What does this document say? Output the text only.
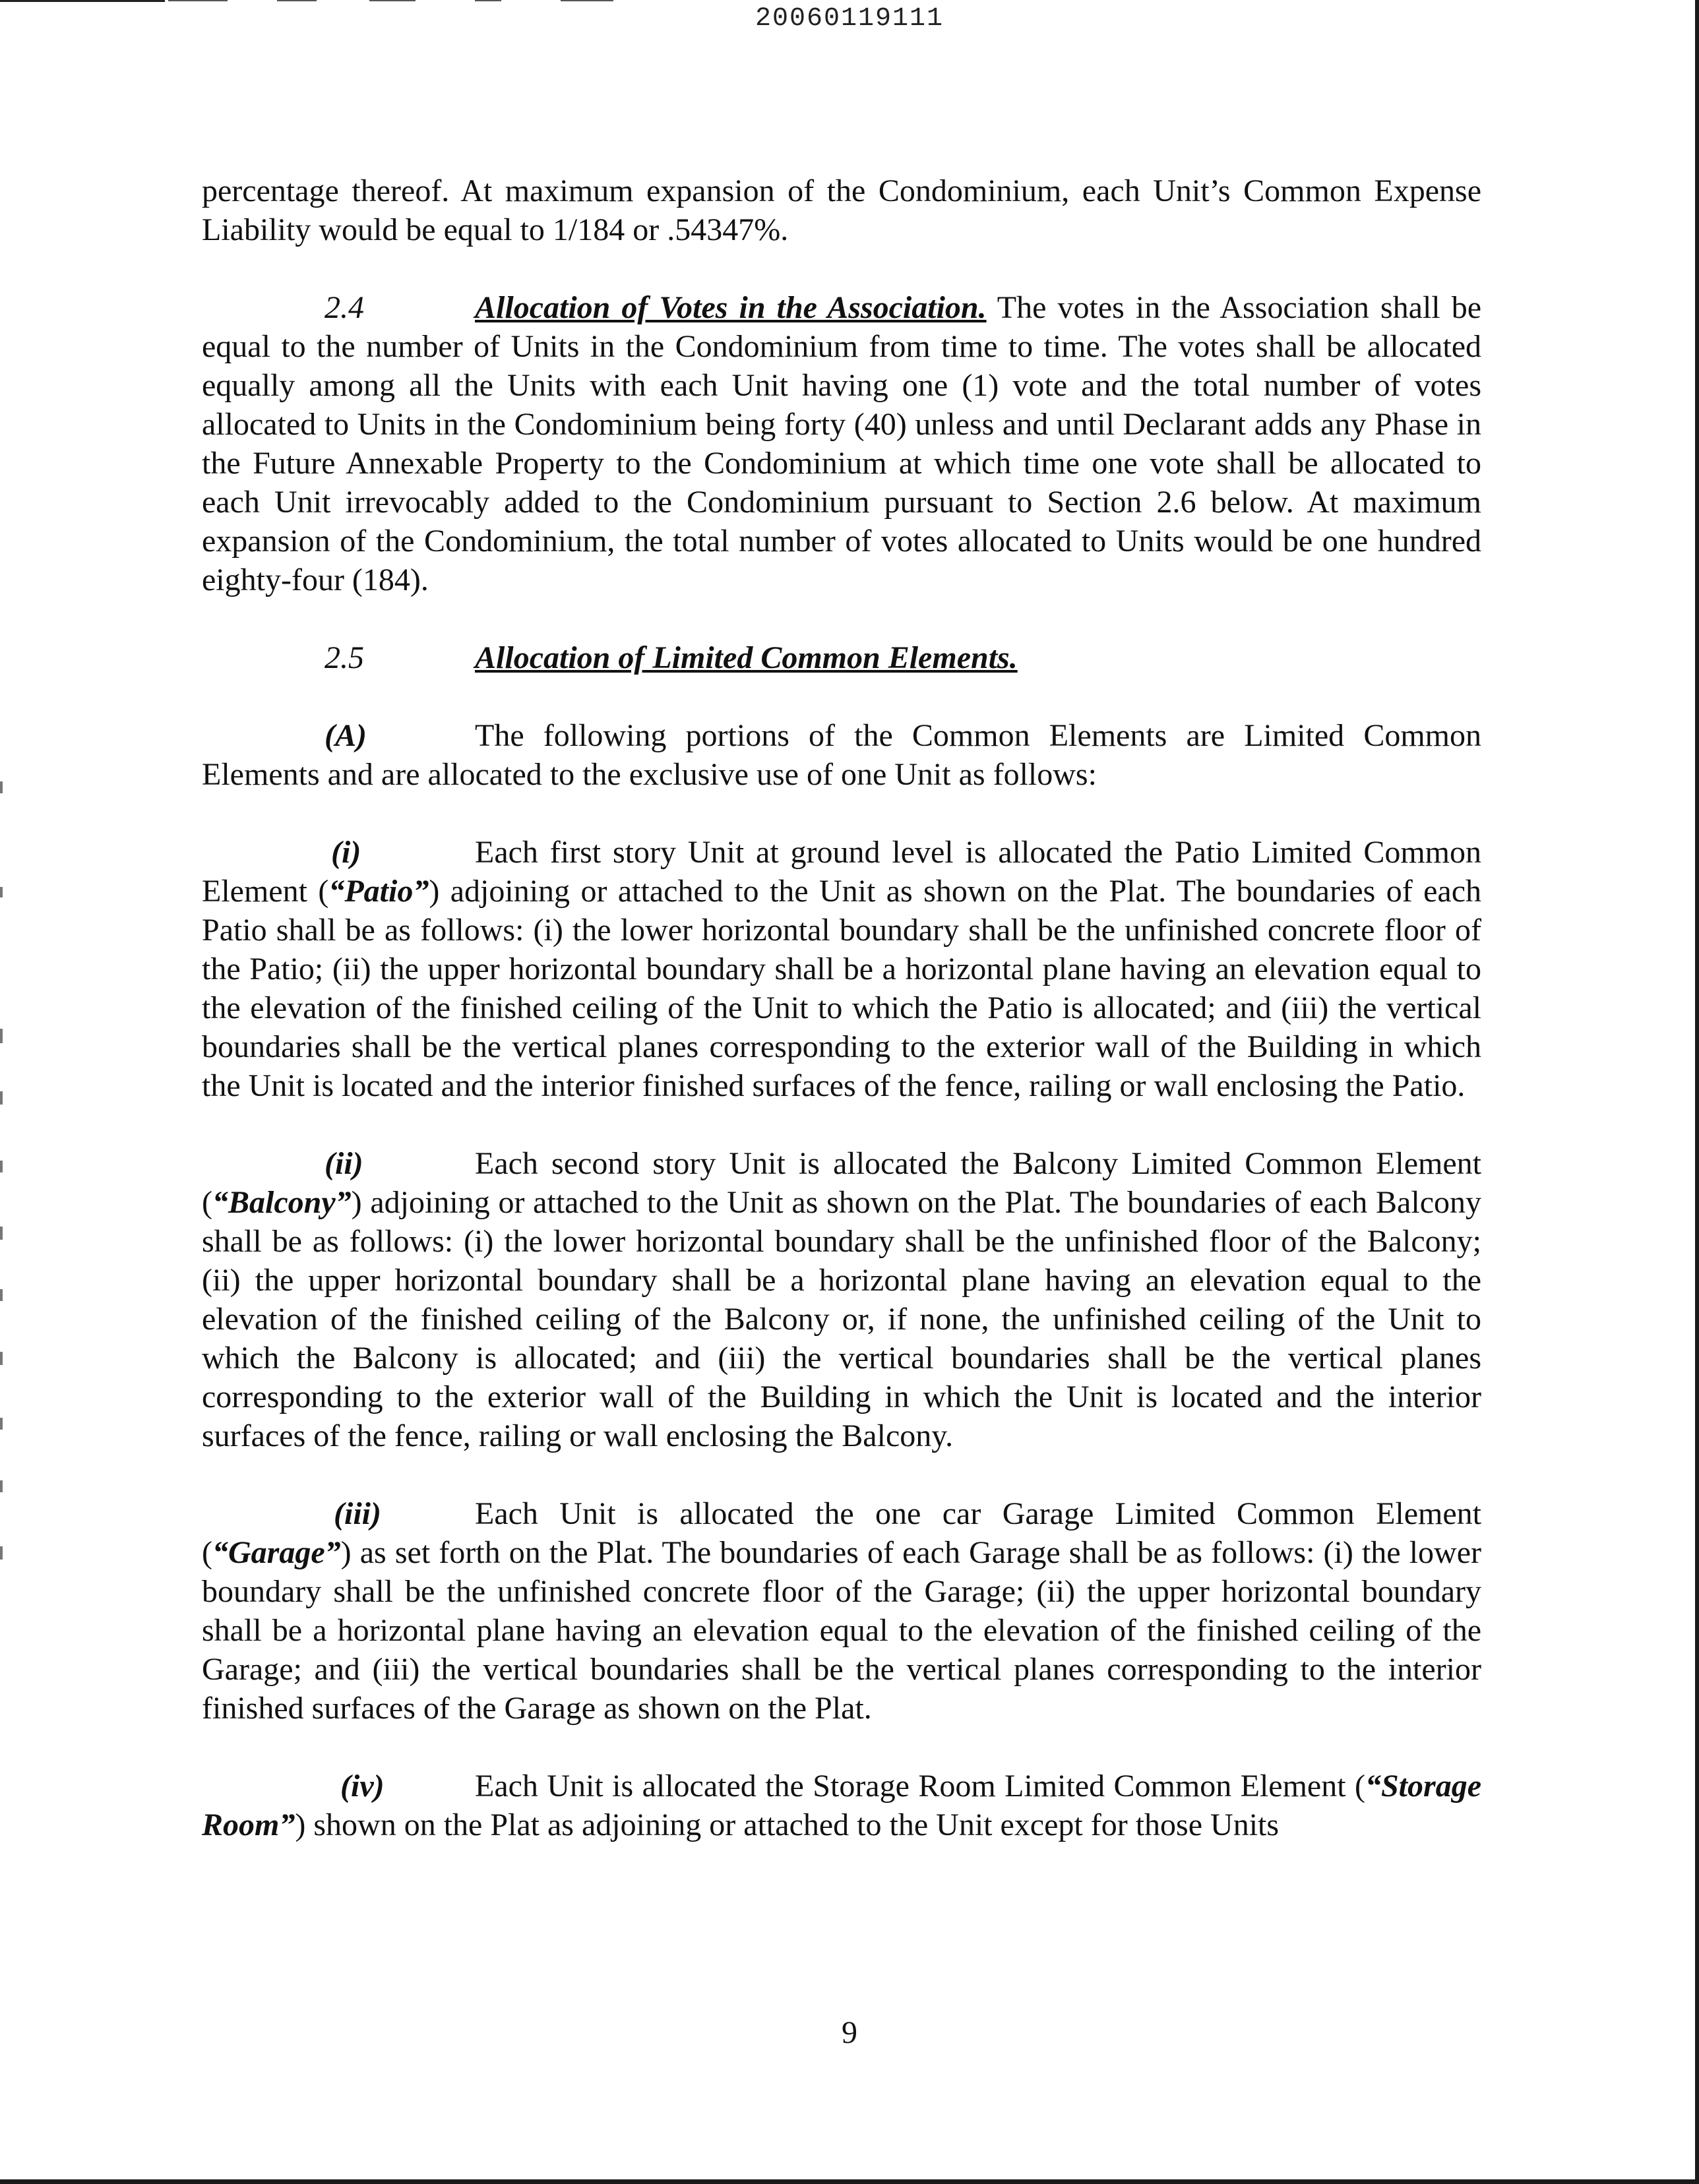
20060119111

percentage thereof. At maximum expansion of the Condominium, each Unit’s Common Expense Liability would be equal to 1/184 or .54347%.

2.4	Allocation of Votes in the Association. The votes in the Association shall be equal to the number of Units in the Condominium from time to time. The votes shall be allocated equally among all the Units with each Unit having one (1) vote and the total number of votes allocated to Units in the Condominium being forty (40) unless and until Declarant adds any Phase in the Future Annexable Property to the Condominium at which time one vote shall be allocated to each Unit irrevocably added to the Condominium pursuant to Section 2.6 below. At maximum expansion of the Condominium, the total number of votes allocated to Units would be one hundred eighty-four (184).

2.5	Allocation of Limited Common Elements.

(A)	The following portions of the Common Elements are Limited Common Elements and are allocated to the exclusive use of one Unit as follows:

(i)	Each first story Unit at ground level is allocated the Patio Limited Common Element (“Patio”) adjoining or attached to the Unit as shown on the Plat. The boundaries of each Patio shall be as follows: (i) the lower horizontal boundary shall be the unfinished concrete floor of the Patio; (ii) the upper horizontal boundary shall be a horizontal plane having an elevation equal to the elevation of the finished ceiling of the Unit to which the Patio is allocated; and (iii) the vertical boundaries shall be the vertical planes corresponding to the exterior wall of the Building in which the Unit is located and the interior finished surfaces of the fence, railing or wall enclosing the Patio.

(ii)	Each second story Unit is allocated the Balcony Limited Common Element (“Balcony”) adjoining or attached to the Unit as shown on the Plat. The boundaries of each Balcony shall be as follows: (i) the lower horizontal boundary shall be the unfinished floor of the Balcony; (ii) the upper horizontal boundary shall be a horizontal plane having an elevation equal to the elevation of the finished ceiling of the Balcony or, if none, the unfinished ceiling of the Unit to which the Balcony is allocated; and (iii) the vertical boundaries shall be the vertical planes corresponding to the exterior wall of the Building in which the Unit is located and the interior surfaces of the fence, railing or wall enclosing the Balcony.

(iii)	Each Unit is allocated the one car Garage Limited Common Element (“Garage”) as set forth on the Plat. The boundaries of each Garage shall be as follows: (i) the lower boundary shall be the unfinished concrete floor of the Garage; (ii) the upper horizontal boundary shall be a horizontal plane having an elevation equal to the elevation of the finished ceiling of the Garage; and (iii) the vertical boundaries shall be the vertical planes corresponding to the interior finished surfaces of the Garage as shown on the Plat.

(iv)	Each Unit is allocated the Storage Room Limited Common Element (“Storage Room”) shown on the Plat as adjoining or attached to the Unit except for those Units

9
